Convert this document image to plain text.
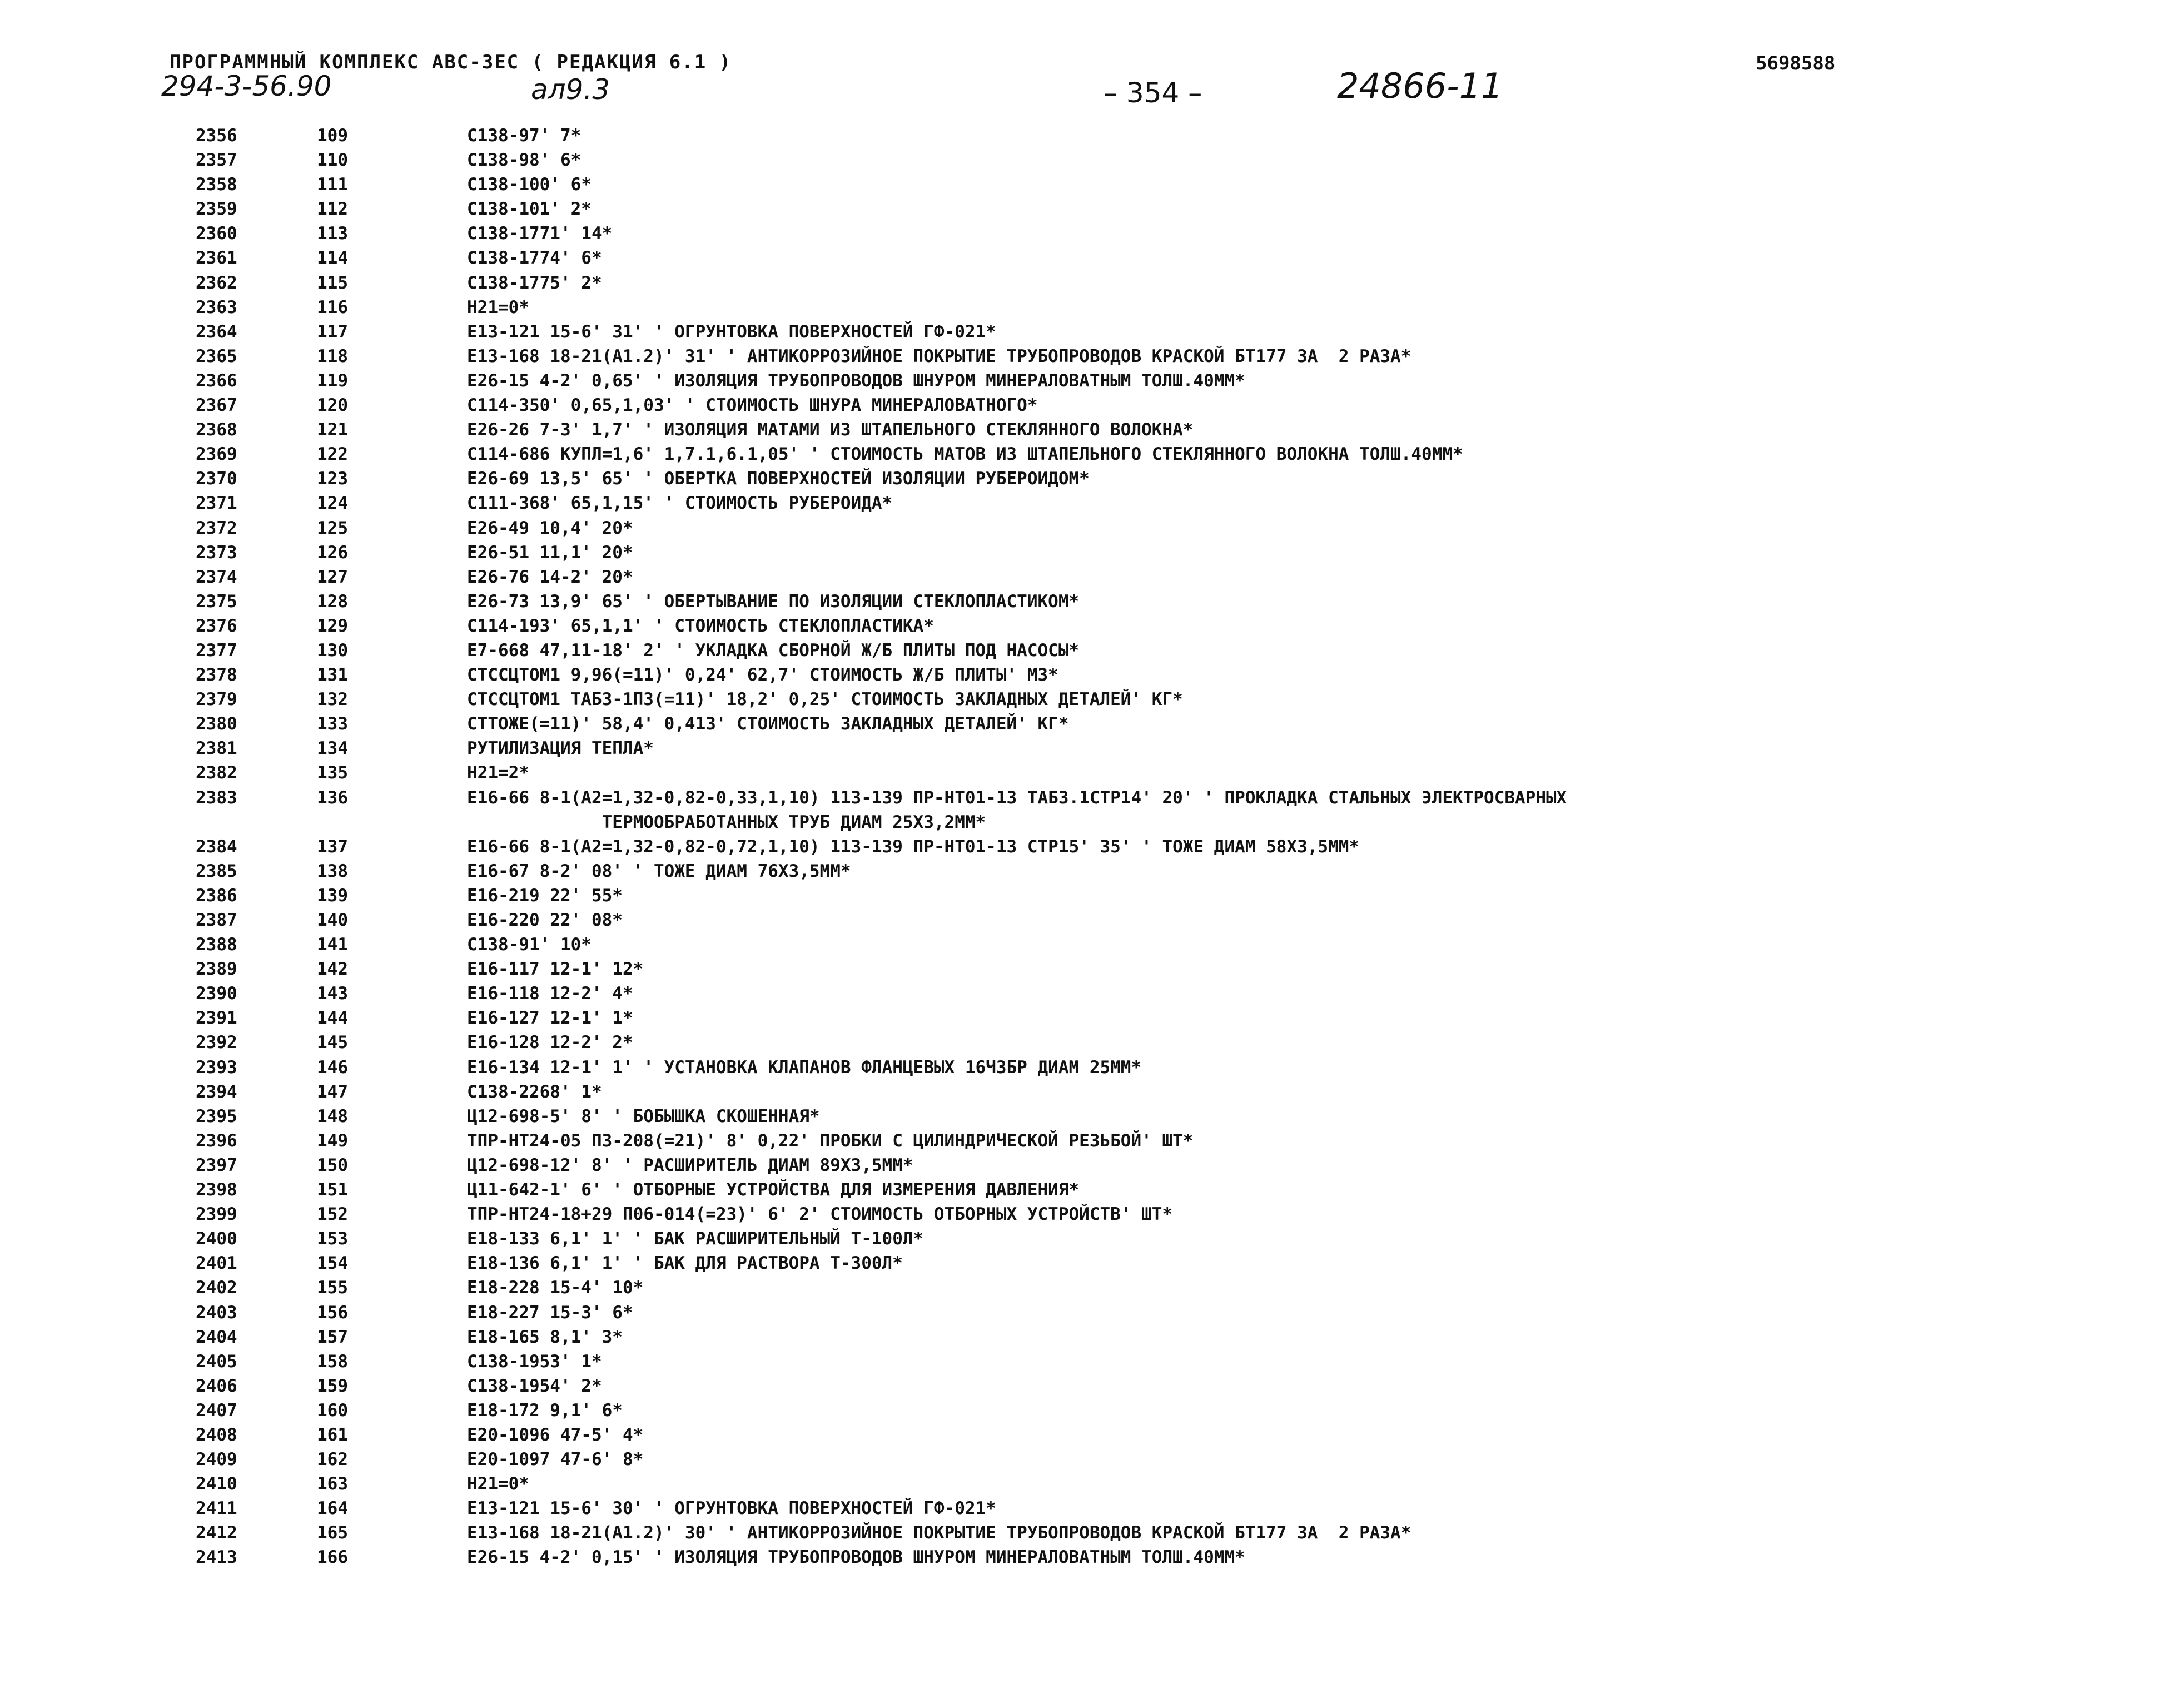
ПРОГРАММНЫЙ КОМПЛЕКС АВС-3ЕС ( РЕДАКЦИЯ 6.1 )
294-3-56.90	ал9.3	– 354 –	24866-11
5698588
2356	109	С138-97' 7*
2357	110	С138-98' 6*
2358	111	С138-100' 6*
2359	112	С138-101' 2*
2360	113	С138-1771' 14*
2361	114	С138-1774' 6*
2362	115	С138-1775' 2*
2363	116	Н21=0*
2364	117	Е13-121 15-6' 31' ' ОГРУНТОВКА ПОВЕРХНОСТЕЙ ГФ-021*
2365	118	Е13-168 18-21(А1.2)' 31' ' АНТИКОРРОЗИЙНОЕ ПОКРЫТИЕ ТРУБОПРОВОДОВ КРАСКОЙ БТ177 ЗА  2 РАЗА*
2366	119	Е26-15 4-2' 0,65' ' ИЗОЛЯЦИЯ ТРУБОПРОВОДОВ ШНУРОМ МИНЕРАЛОВАТНЫМ ТОЛШ.40ММ*
2367	120	С114-350' 0,65,1,03' ' СТОИМОСТЬ ШНУРА МИНЕРАЛОВАТНОГО*
2368	121	Е26-26 7-3' 1,7' ' ИЗОЛЯЦИЯ МАТАМИ ИЗ ШТАПЕЛЬНОГО СТЕКЛЯННОГО ВОЛОКНА*
2369	122	С114-686 КУПЛ=1,6' 1,7.1,6.1,05' ' СТОИМОСТЬ МАТОВ ИЗ ШТАПЕЛЬНОГО СТЕКЛЯННОГО ВОЛОКНА ТОЛШ.40ММ*
2370	123	Е26-69 13,5' 65' ' ОБЕРТКА ПОВЕРХНОСТЕЙ ИЗОЛЯЦИИ РУБЕРОИДОМ*
2371	124	С111-368' 65,1,15' ' СТОИМОСТЬ РУБЕРОИДА*
2372	125	Е26-49 10,4' 20*
2373	126	Е26-51 11,1' 20*
2374	127	Е26-76 14-2' 20*
2375	128	Е26-73 13,9' 65' ' ОБЕРТЫВАНИЕ ПО ИЗОЛЯЦИИ СТЕКЛОПЛАСТИКОМ*
2376	129	С114-193' 65,1,1' ' СТОИМОСТЬ СТЕКЛОПЛАСТИКА*
2377	130	Е7-668 47,11-18' 2' ' УКЛАДКА СБОРНОЙ Ж/Б ПЛИТЫ ПОД НАСОСЫ*
2378	131	СТССЦТОМ1 9,96(=11)' 0,24' 62,7' СТОИМОСТЬ Ж/Б ПЛИТЫ' М3*
2379	132	СТССЦТОМ1 ТАБ3-1П3(=11)' 18,2' 0,25' СТОИМОСТЬ ЗАКЛАДНЫХ ДЕТАЛЕЙ' КГ*
2380	133	СТТОЖЕ(=11)' 58,4' 0,413' СТОИМОСТЬ ЗАКЛАДНЫХ ДЕТАЛЕЙ' КГ*
2381	134	РУТИЛИЗАЦИЯ ТЕПЛА*
2382	135	Н21=2*
2383	136	Е16-66 8-1(А2=1,32-0,82-0,33,1,10) 113-139 ПР-НТ01-13 ТАБ3.1СТР14' 20' ' ПРОКЛАДКА СТАЛЬНЫХ ЭЛЕКТРОСВАРНЫХ
ТЕРМООБРАБОТАННЫХ ТРУБ ДИАМ 25Х3,2ММ*
2384	137	Е16-66 8-1(А2=1,32-0,82-0,72,1,10) 113-139 ПР-НТ01-13 СТР15' 35' ' ТОЖЕ ДИАМ 58Х3,5ММ*
2385	138	Е16-67 8-2' 08' ' ТОЖЕ ДИАМ 76Х3,5ММ*
2386	139	Е16-219 22' 55*
2387	140	Е16-220 22' 08*
2388	141	С138-91' 10*
2389	142	Е16-117 12-1' 12*
2390	143	Е16-118 12-2' 4*
2391	144	Е16-127 12-1' 1*
2392	145	Е16-128 12-2' 2*
2393	146	Е16-134 12-1' 1' ' УСТАНОВКА КЛАПАНОВ ФЛАНЦЕВЫХ 16Ч3БР ДИАМ 25ММ*
2394	147	С138-2268' 1*
2395	148	Ц12-698-5' 8' ' БОБЫШКА СКОШЕННАЯ*
2396	149	ТПР-НТ24-05 П3-208(=21)' 8' 0,22' ПРОБКИ С ЦИЛИНДРИЧЕСКОЙ РЕЗЬБОЙ' ШТ*
2397	150	Ц12-698-12' 8' ' РАСШИРИТЕЛЬ ДИАМ 89Х3,5ММ*
2398	151	Ц11-642-1' 6' ' ОТБОРНЫЕ УСТРОЙСТВА ДЛЯ ИЗМЕРЕНИЯ ДАВЛЕНИЯ*
2399	152	ТПР-НТ24-18+29 П06-014(=23)' 6' 2' СТОИМОСТЬ ОТБОРНЫХ УСТРОЙСТВ' ШТ*
2400	153	Е18-133 6,1' 1' ' БАК РАСШИРИТЕЛЬНЫЙ Т-100Л*
2401	154	Е18-136 6,1' 1' ' БАК ДЛЯ РАСТВОРА Т-300Л*
2402	155	Е18-228 15-4' 10*
2403	156	Е18-227 15-3' 6*
2404	157	Е18-165 8,1' 3*
2405	158	С138-1953' 1*
2406	159	С138-1954' 2*
2407	160	Е18-172 9,1' 6*
2408	161	Е20-1096 47-5' 4*
2409	162	Е20-1097 47-6' 8*
2410	163	Н21=0*
2411	164	Е13-121 15-6' 30' ' ОГРУНТОВКА ПОВЕРХНОСТЕЙ ГФ-021*
2412	165	Е13-168 18-21(А1.2)' 30' ' АНТИКОРРОЗИЙНОЕ ПОКРЫТИЕ ТРУБОПРОВОДОВ КРАСКОЙ БТ177 ЗА  2 РАЗА*
2413	166	Е26-15 4-2' 0,15' ' ИЗОЛЯЦИЯ ТРУБОПРОВОДОВ ШНУРОМ МИНЕРАЛОВАТНЫМ ТОЛШ.40ММ*
